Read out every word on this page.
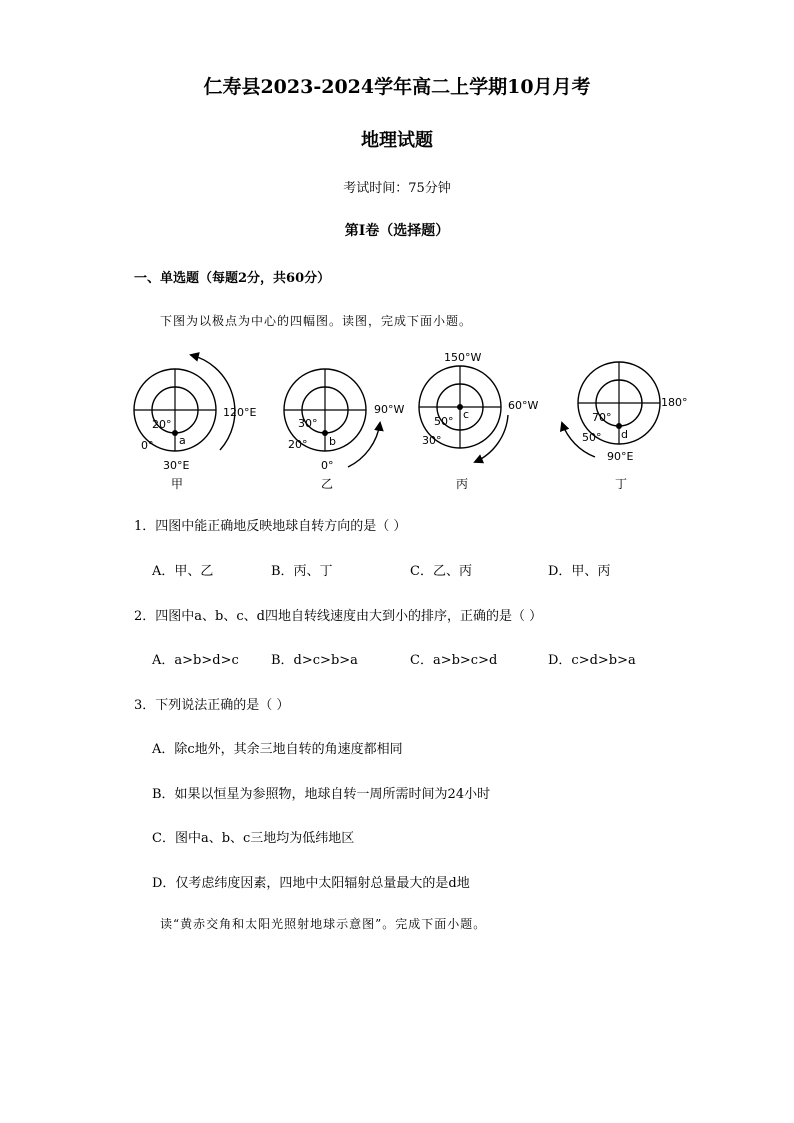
仁寿县2023-2024学年高二上学期10月月考
地理试题
考试时间：75分钟
第I卷（选择题）
一、单选题（每题2分，共60分）
下图为以极点为中心的四幅图。读图，完成下面小题。
20°
0°
120°E
30°E
a
甲
30°
20°
90°W
0°
b
乙
150°W
60°W
50°
30°
c
丙
180°
70°
50°
90°E
d
丁
1．四图中能正确地反映地球自转方向的是（ ）
A．甲、乙	B．丙、丁	C．乙、丙	D．甲、丙
2．四图中a、b、c、d四地自转线速度由大到小的排序，正确的是（ ）
A．a>b>d>c B．d>c>b>a	C．a>b>c>d	D．c>d>b>a
3．下列说法正确的是（ ）
A．除c地外，其余三地自转的角速度都相同
B．如果以恒星为参照物，地球自转一周所需时间为24小时
C．图中a、b、c三地均为低纬地区
D．仅考虑纬度因素，四地中太阳辐射总量最大的是d地
读“黄赤交角和太阳光照射地球示意图”。完成下面小题。
